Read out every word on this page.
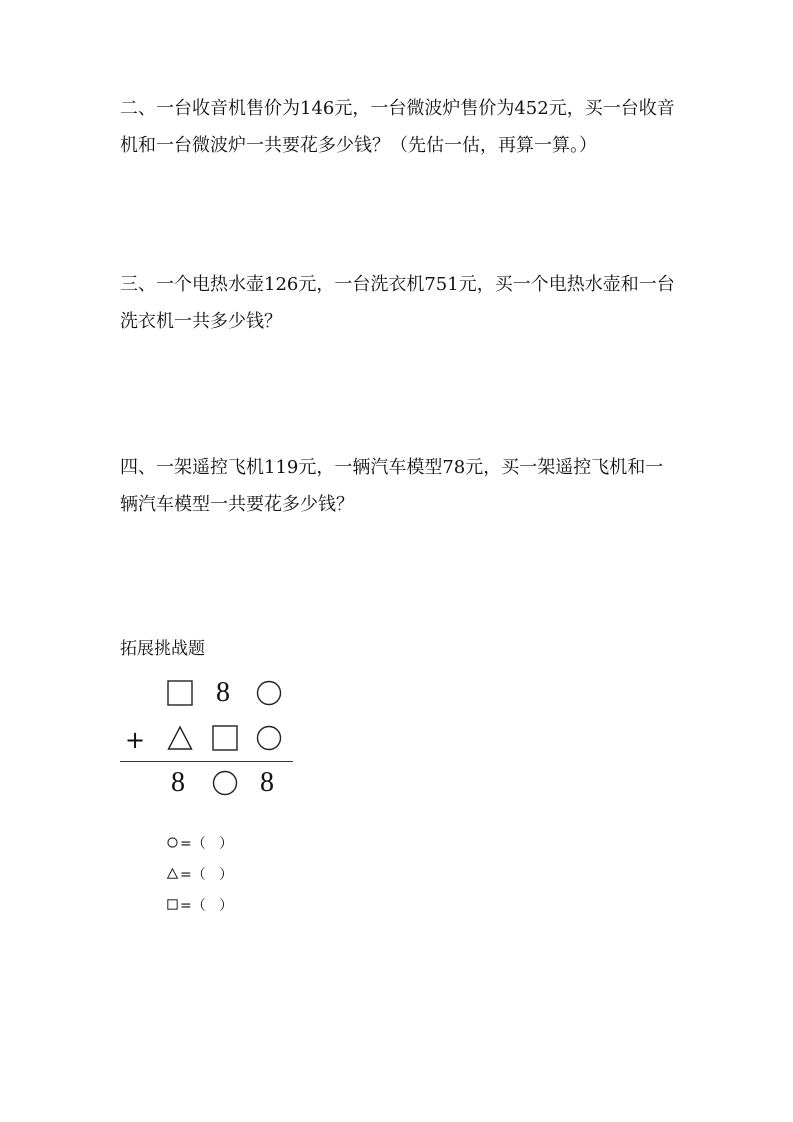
二、一台收音机售价为146元，一台微波炉售价为452元，买一台收音机和一台微波炉一共要花多少钱？（先估一估，再算一算。）

三、一个电热水壶126元，一台洗衣机751元，买一个电热水壶和一台洗衣机一共多少钱？

四、一架遥控飞机119元，一辆汽车模型78元，买一架遥控飞机和一辆汽车模型一共要花多少钱？

拓展挑战题

8
+
8	8
=（   ）
=（   ）
=（   ）
